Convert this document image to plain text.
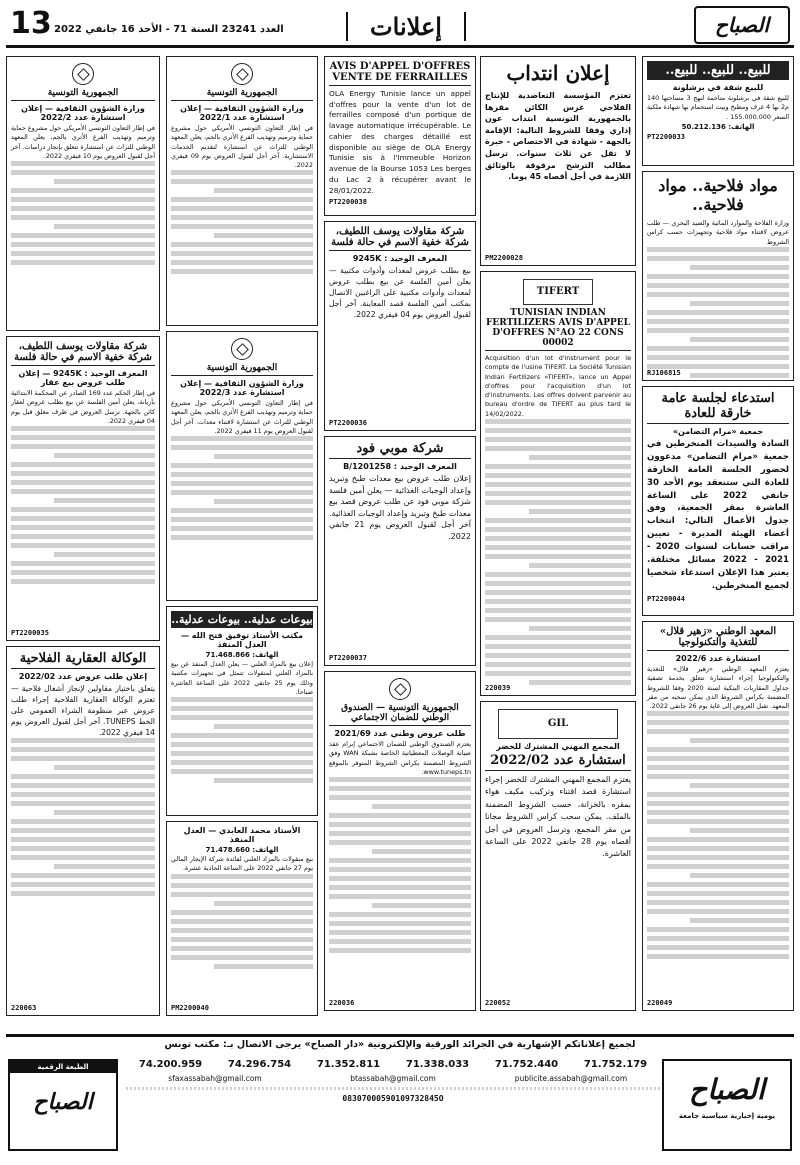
13 العدد 23241 السنة 71 - الأحد 16 جانفي 2022	إعلانات	الصباح
للبيع.. للبيع.. للبيع..
للبيع شقة في برشلونة
للبيع شقة في برشلونة متاخمة لنهج 3 مساحتها 140 م2 بها 4 غرف ومطبخ وبيت استحمام بها شهادة ملكية السعر 155.000.000 .
الهاتف: 50.212.136
PT2200033
مواد فلاحية.. مواد فلاحية..
وزارة الفلاحة والموارد المائية والصيد البحري — طلب عروض لاقتناء مواد فلاحية وتجهيزات حسب كراس الشروط
RJ106815
استدعاء لجلسة عامة خارقة للعادة
جمعية «مرام التضامن»
السادة والسيدات المنخرطين في جمعية «مرام التضامن» مدعوون لحضور الجلسة العامة الخارقة للعادة التي ستنعقد يوم الأحد 30 جانفي 2022 على الساعة العاشرة بمقر الجمعية، وفق جدول الأعمال التالي: انتخاب أعضاء الهيئة المديرة - تعيين مراقب حسابات لسنوات 2020 - 2021 - 2022 مسائل مختلفة. يعتبر هذا الإعلان استدعاء شخصيا لجميع المنخرطين.
PT2200044
المعهد الوطني «زهير قلال» للتغذية والتكنولوجيا
استشارة عدد 2022/6
يعتزم المعهد الوطني «زهير قلال» للتغذية والتكنولوجيا إجراء استشارة تتعلق بخدمة تصفية جداول المقاربات البنكية لسنة 2020 وفقا للشروط المضمنة بكراس الشروط الذي يمكن سحبه من مقر المعهد. تقبل العروض إلى غاية يوم 26 جانفي 2022.
220049
إعلان انتداب
تعتزم المؤسسة التعاضدية للإنتاج الفلاحي غرس الكائن مقرها بالجمهورية التونسية انتداب عون إداري وفقا للشروط التالية: الإقامة بالجهة - شهادة في الاختصاص - خبرة لا تقل عن ثلاث سنوات. ترسل مطالب الترشح مرفوقة بالوثائق اللازمة في أجل أقصاه 45 يوما.
PM2200028
TIFERT
TUNISIAN INDIAN FERTILIZERS AVIS D'APPEL D'OFFRES N°AO 22 CONS 00002
Acquisition d'un lot d'instrument pour le compte de l'usine TIFERT. La Société Tunisian Indian Fertilizers «TIFERT», lance un Appel d'offres pour l'acquisition d'un lot d'instruments. Les offres doivent parvenir au bureau d'ordre de TIFERT au plus tard le 14/02/2022.
220039
GIL
المجمع المهني المشترك للخضر
استشارة عدد 2022/02
يعتزم المجمع المهني المشترك للخضر إجراء استشارة قصد اقتناء وتركيب مكيف هواء بمقره بالخزانة، حسب الشروط المضمنة بالملف. يمكن سحب كراس الشروط مجانا من مقر المجمع، وترسل العروض في أجل أقصاه يوم 28 جانفي 2022 على الساعة العاشرة.
220052
AVIS D'APPEL D'OFFRES VENTE DE FERRAILLES
OLA Energy Tunisie lance un appel d'offres pour la vente d'un lot de ferrailles composé d'un portique de lavage automatique irrécupérable. Le cahier des charges détaillé est disponible au siège de OLA Energy Tunisie sis à l'Immeuble Horizon avenue de la Bourse 1053 Les berges du Lac 2 à récupérer avant le 28/01/2022.
PT2200038
شركة مقاولات يوسف اللطيف، شركة خفية الاسم في حالة فلسة
المعرف الوحيد : 9245K
بيع بطلب عروض لمعدات وأدوات مكتبية — يعلن أمين الفلسة عن بيع بطلب عروض لمعدات وأدوات مكتبية على الراغبين الاتصال بمكتب أمين الفلسة قصد المعاينة. آخر أجل لقبول العروض يوم 04 فيفري 2022.
PT2200036
شركة موبي فود
المعرف الوحيد : 1201258/B
إعلان طلب عروض بيع معدات طبخ وتبريد وإعداد الوجبات الغذائية — يعلن أمين فلسة شركة موبي فود عن طلب عروض قصد بيع معدات طبخ وتبريد وإعداد الوجبات الغذائية. آخر أجل لقبول العروض يوم 21 جانفي 2022.
PT2200037
الجمهورية التونسية — الصندوق الوطني للضمان الاجتماعي
طلب عروض وطني عدد 2021/69
يعتزم الصندوق الوطني للضمان الاجتماعي إبرام عقد صيانة الوصلات المعطياتية الخاصة بشبكة WAN وفق الشروط المضمنة بكراس الشروط المتوفر بالموقع www.tuneps.tn.
220036
الجمهورية التونسية
وزارة الشؤون الثقافية — إعلان استشارة عدد 2022/1
في إطار التعاون التونسي الأمريكي حول مشروع حماية وترميم وتهذيب الفرع الأثري بالجم، يعلن المعهد الوطني للتراث عن استشارة لتقديم الخدمات الاستشارية. آخر أجل لقبول العروض يوم 09 فيفري 2022.
الجمهورية التونسية
وزارة الشؤون الثقافية — إعلان استشارة عدد 2022/3
في إطار التعاون التونسي الأمريكي حول مشروع حماية وترميم وتهذيب الفرع الأثري بالجم، يعلن المعهد الوطني للتراث عن استشارة لاقتناء معدات. آخر أجل لقبول العروض يوم 11 فيفري 2022.
بيوعات عدلية.. بيوعات عدلية..
مكتب الأستاذ توفيق فتح الله — العدل المنفذ
الهاتف: 71.468.866
إعلان بيع بالمزاد العلني — يعلن العدل المنفذ عن بيع بالمزاد العلني لمنقولات تتمثل في تجهيزات مكتبية وذلك يوم 25 جانفي 2022 على الساعة العاشرة صباحا.
الأستاذ محمد العابدي — العدل المنفذ
الهاتف: 71.478.660
بيع منقولات بالمزاد العلني لفائدة شركة الإيجار المالي يوم 27 جانفي 2022 على الساعة الحادية عشرة.
PM2200040
الجمهورية التونسية
وزارة الشؤون الثقافية — إعلان استشارة عدد 2022/2
في إطار التعاون التونسي الأمريكي حول مشروع حماية وترميم وتهذيب الفرع الأثري بالجم، يعلن المعهد الوطني للتراث عن استشارة تتعلق بإنجاز دراسات. آخر أجل لقبول العروض يوم 10 فيفري 2022.
شركة مقاولات يوسف اللطيف، شركة خفية الاسم في حالة فلسة
المعرف الوحيد : 9245K — إعلان طلب عروض بيع عقار
في إطار الحكم عدد 169 الصادر عن المحكمة الابتدائية بأريانة، يعلن أمين الفلسة عن بيع بطلب عروض لعقار كائن بالجهة. ترسل العروض في ظرف مغلق قبل يوم 04 فيفري 2022.
PT2200035
الوكالة العقارية الفلاحية
إعلان طلب عروض عدد 2022/02
يتعلق باختيار مقاولين لإنجاز أشغال فلاحية — تعتزم الوكالة العقارية الفلاحية إجراء طلب عروض عبر منظومة الشراء العمومي على الخط TUNEPS. آخر أجل لقبول العروض يوم 14 فيفري 2022.
220063
لجميع إعلاناتكم الإشهارية في الجرائد الورقية والإلكترونية «دار الصباح» يرجى الاتصال بـ: مكتب تونس
الصباح
يومية إخبارية سياسية جامعة
71.752.179
71.752.440
71.338.033
71.352.811
74.296.754
74.200.959
publicite.assabah@gmail.com
btassabah@gmail.com
sfaxassabah@gmail.com
08307000590109732845O
الطبعة الرقمية
الصباح
